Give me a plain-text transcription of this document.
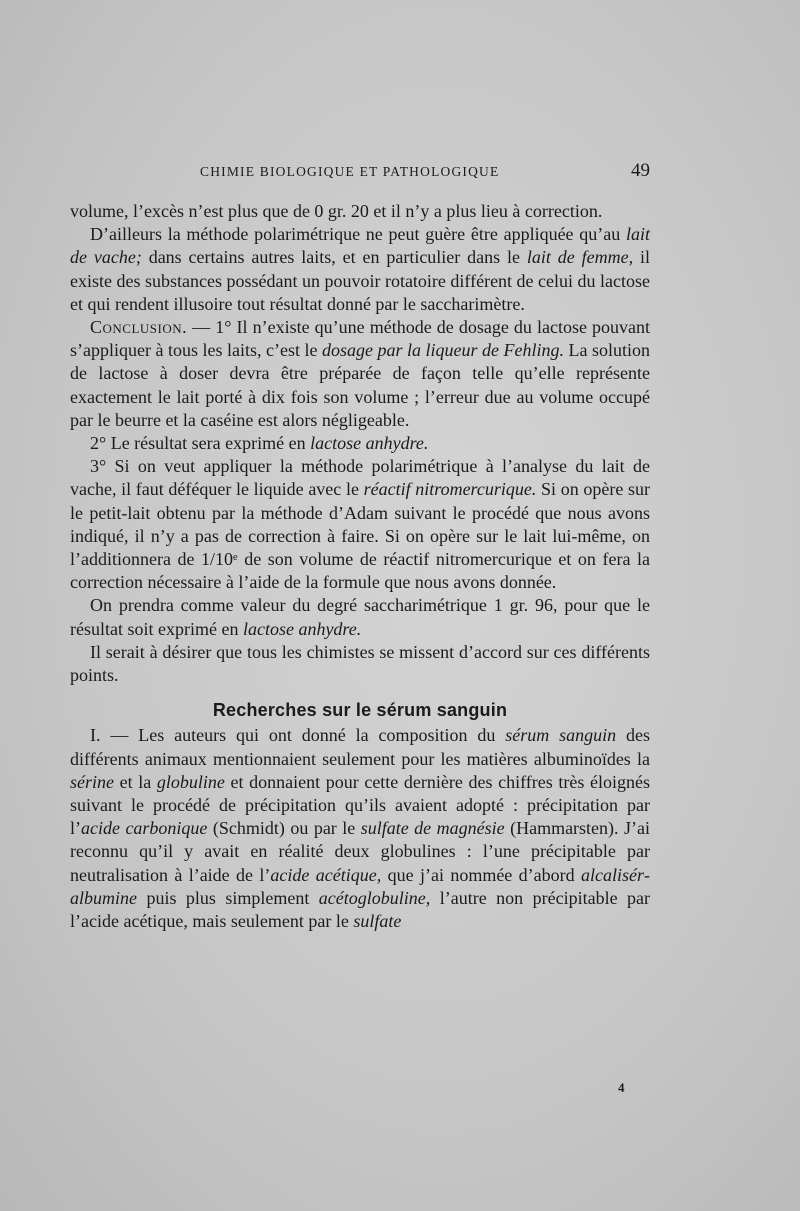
CHIMIE BIOLOGIQUE ET PATHOLOGIQUE	49

volume, l’excès n’est plus que de 0 gr. 20 et il n’y a plus lieu à correction.

D’ailleurs la méthode polarimétrique ne peut guère être appliquée qu’au lait de vache; dans certains autres laits, et en particulier dans le lait de femme, il existe des substances possédant un pouvoir rotatoire différent de celui du lactose et qui rendent illusoire tout résultat donné par le saccharimètre.

Conclusion. — 1° Il n’existe qu’une méthode de dosage du lactose pouvant s’appliquer à tous les laits, c’est le dosage par la liqueur de Fehling. La solution de lactose à doser devra être préparée de façon telle qu’elle représente exactement le lait porté à dix fois son volume ; l’erreur due au volume occupé par le beurre et la caséine est alors négligeable.

2° Le résultat sera exprimé en lactose anhydre.

3° Si on veut appliquer la méthode polarimétrique à l’analyse du lait de vache, il faut déféquer le liquide avec le réactif nitromercurique. Si on opère sur le petit-lait obtenu par la méthode d’Adam suivant le procédé que nous avons indiqué, il n’y a pas de correction à faire. Si on opère sur le lait lui-même, on l’additionnera de 1/10ᵉ de son volume de réactif nitromercurique et on fera la correction nécessaire à l’aide de la formule que nous avons donnée.

On prendra comme valeur du degré saccharimétrique 1 gr. 96, pour que le résultat soit exprimé en lactose anhydre.

Il serait à désirer que tous les chimistes se missent d’accord sur ces différents points.

Recherches sur le sérum sanguin

I. — Les auteurs qui ont donné la composition du sérum sanguin des différents animaux mentionnaient seulement pour les matières albuminoïdes la sérine et la globuline et donnaient pour cette dernière des chiffres très éloignés suivant le procédé de précipitation qu’ils avaient adopté : précipitation par l’acide carbonique (Schmidt) ou par le sulfate de magnésie (Hammarsten). J’ai reconnu qu’il y avait en réalité deux globulines : l’une précipitable par neutralisation à l’aide de l’acide acétique, que j’ai nommée d’abord alcaliséralbumine puis plus simplement acétoglobuline, l’autre non précipitable par l’acide acétique, mais seulement par le sulfate

4
